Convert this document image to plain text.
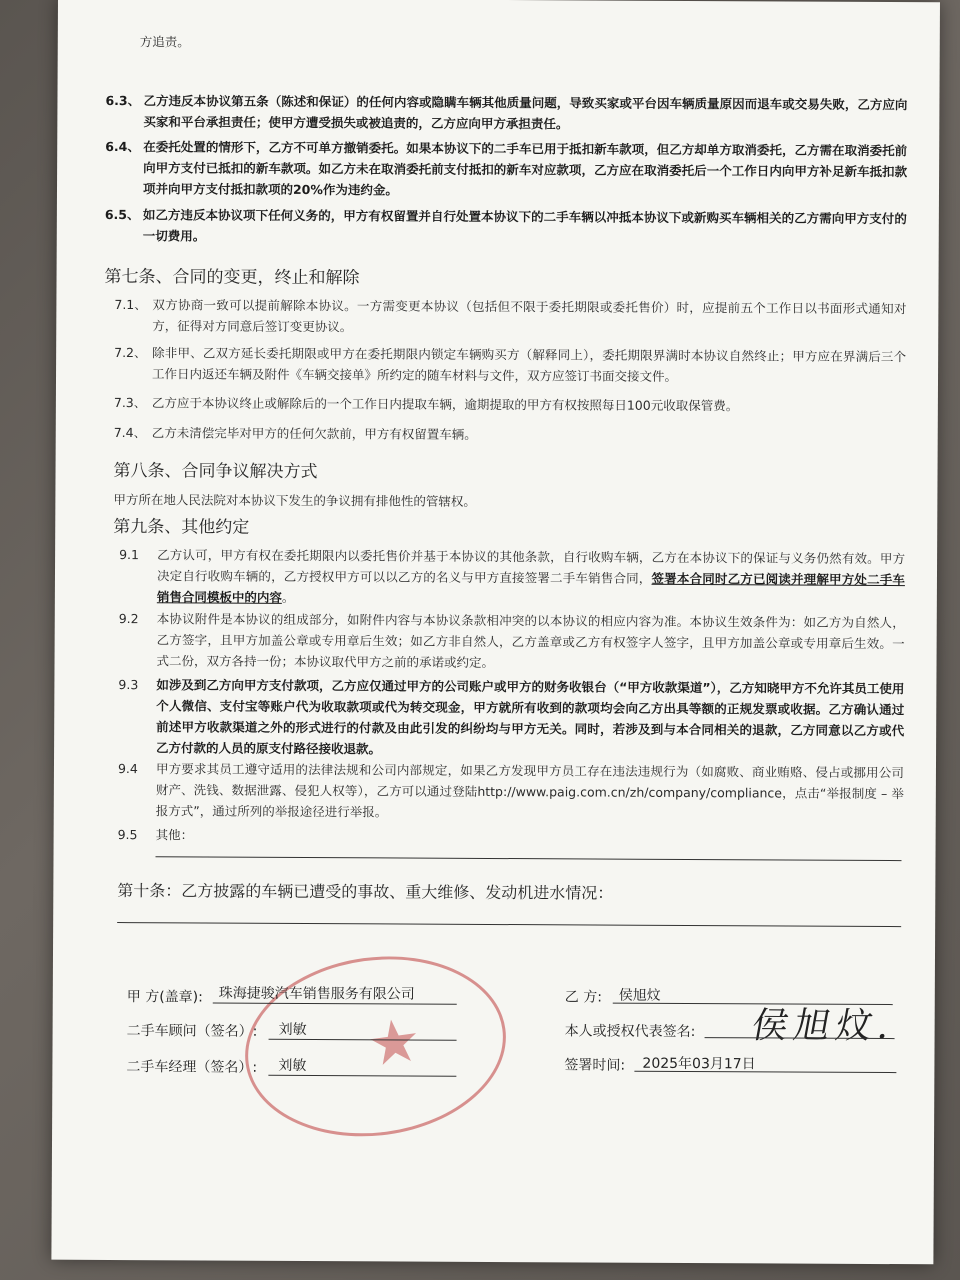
方追责。
6.3、 乙方违反本协议第五条（陈述和保证）的任何内容或隐瞒车辆其他质量问题，导致买家或平台因车辆质量原因而退车或交易失败，乙方应向买家和平台承担责任；使甲方遭受损失或被追责的，乙方应向甲方承担责任。
6.4、 在委托处置的情形下，乙方不可单方撤销委托。如果本协议下的二手车已用于抵扣新车款项，但乙方却单方取消委托，乙方需在取消委托前向甲方支付已抵扣的新车款项。如乙方未在取消委托前支付抵扣的新车对应款项，乙方应在取消委托后一个工作日内向甲方补足新车抵扣款项并向甲方支付抵扣款项的20%作为违约金。
6.5、 如乙方违反本协议项下任何义务的，甲方有权留置并自行处置本协议下的二手车辆以冲抵本协议下或新购买车辆相关的乙方需向甲方支付的一切费用。
第七条、合同的变更，终止和解除
7.1、 双方协商一致可以提前解除本协议。一方需变更本协议（包括但不限于委托期限或委托售价）时，应提前五个工作日以书面形式通知对方，征得对方同意后签订变更协议。
7.2、 除非甲、乙双方延长委托期限或甲方在委托期限内锁定车辆购买方（解释同上），委托期限界满时本协议自然终止；甲方应在界满后三个工作日内返还车辆及附件《车辆交接单》所约定的随车材料与文件，双方应签订书面交接文件。
7.3、 乙方应于本协议终止或解除后的一个工作日内提取车辆，逾期提取的甲方有权按照每日100元收取保管费。
7.4、 乙方未清偿完毕对甲方的任何欠款前，甲方有权留置车辆。
第八条、合同争议解决方式
甲方所在地人民法院对本协议下发生的争议拥有排他性的管辖权。
第九条、其他约定
9.1 乙方认可，甲方有权在委托期限内以委托售价并基于本协议的其他条款，自行收购车辆，乙方在本协议下的保证与义务仍然有效。甲方决定自行收购车辆的，乙方授权甲方可以以乙方的名义与甲方直接签署二手车销售合同，签署本合同时乙方已阅读并理解甲方处二手车销售合同模板中的内容。
9.2 本协议附件是本协议的组成部分，如附件内容与本协议条款相冲突的以本协议的相应内容为准。本协议生效条件为：如乙方为自然人，乙方签字，且甲方加盖公章或专用章后生效；如乙方非自然人，乙方盖章或乙方有权签字人签字，且甲方加盖公章或专用章后生效。一式二份，双方各持一份；本协议取代甲方之前的承诺或约定。
9.3 如涉及到乙方向甲方支付款项，乙方应仅通过甲方的公司账户或甲方的财务收银台（“甲方收款渠道”），乙方知晓甲方不允许其员工使用个人微信、支付宝等账户代为收取款项或代为转交现金，甲方就所有收到的款项均会向乙方出具等额的正规发票或收据。乙方确认通过前述甲方收款渠道之外的形式进行的付款及由此引发的纠纷均与甲方无关。同时，若涉及到与本合同相关的退款，乙方同意以乙方或代乙方付款的人员的原支付路径接收退款。
9.4 甲方要求其员工遵守适用的法律法规和公司内部规定，如果乙方发现甲方员工存在违法违规行为（如腐败、商业贿赂、侵占或挪用公司财产、洗钱、数据泄露、侵犯人权等），乙方可以通过登陆http://www.paig.com.cn/zh/company/compliance，点击“举报制度 – 举报方式”，通过所列的举报途径进行举报。
9.5 其他：
第十条：乙方披露的车辆已遭受的事故、重大维修、发动机进水情况：
★
甲 方(盖章): 珠海捷骏汽车销售服务有限公司
二手车顾问（签名）: 刘敏
二手车经理（签名）: 刘敏
乙 方: 侯旭炆
本人或授权代表签名: 侯旭炆.
签署时间: 2025年03月17日
